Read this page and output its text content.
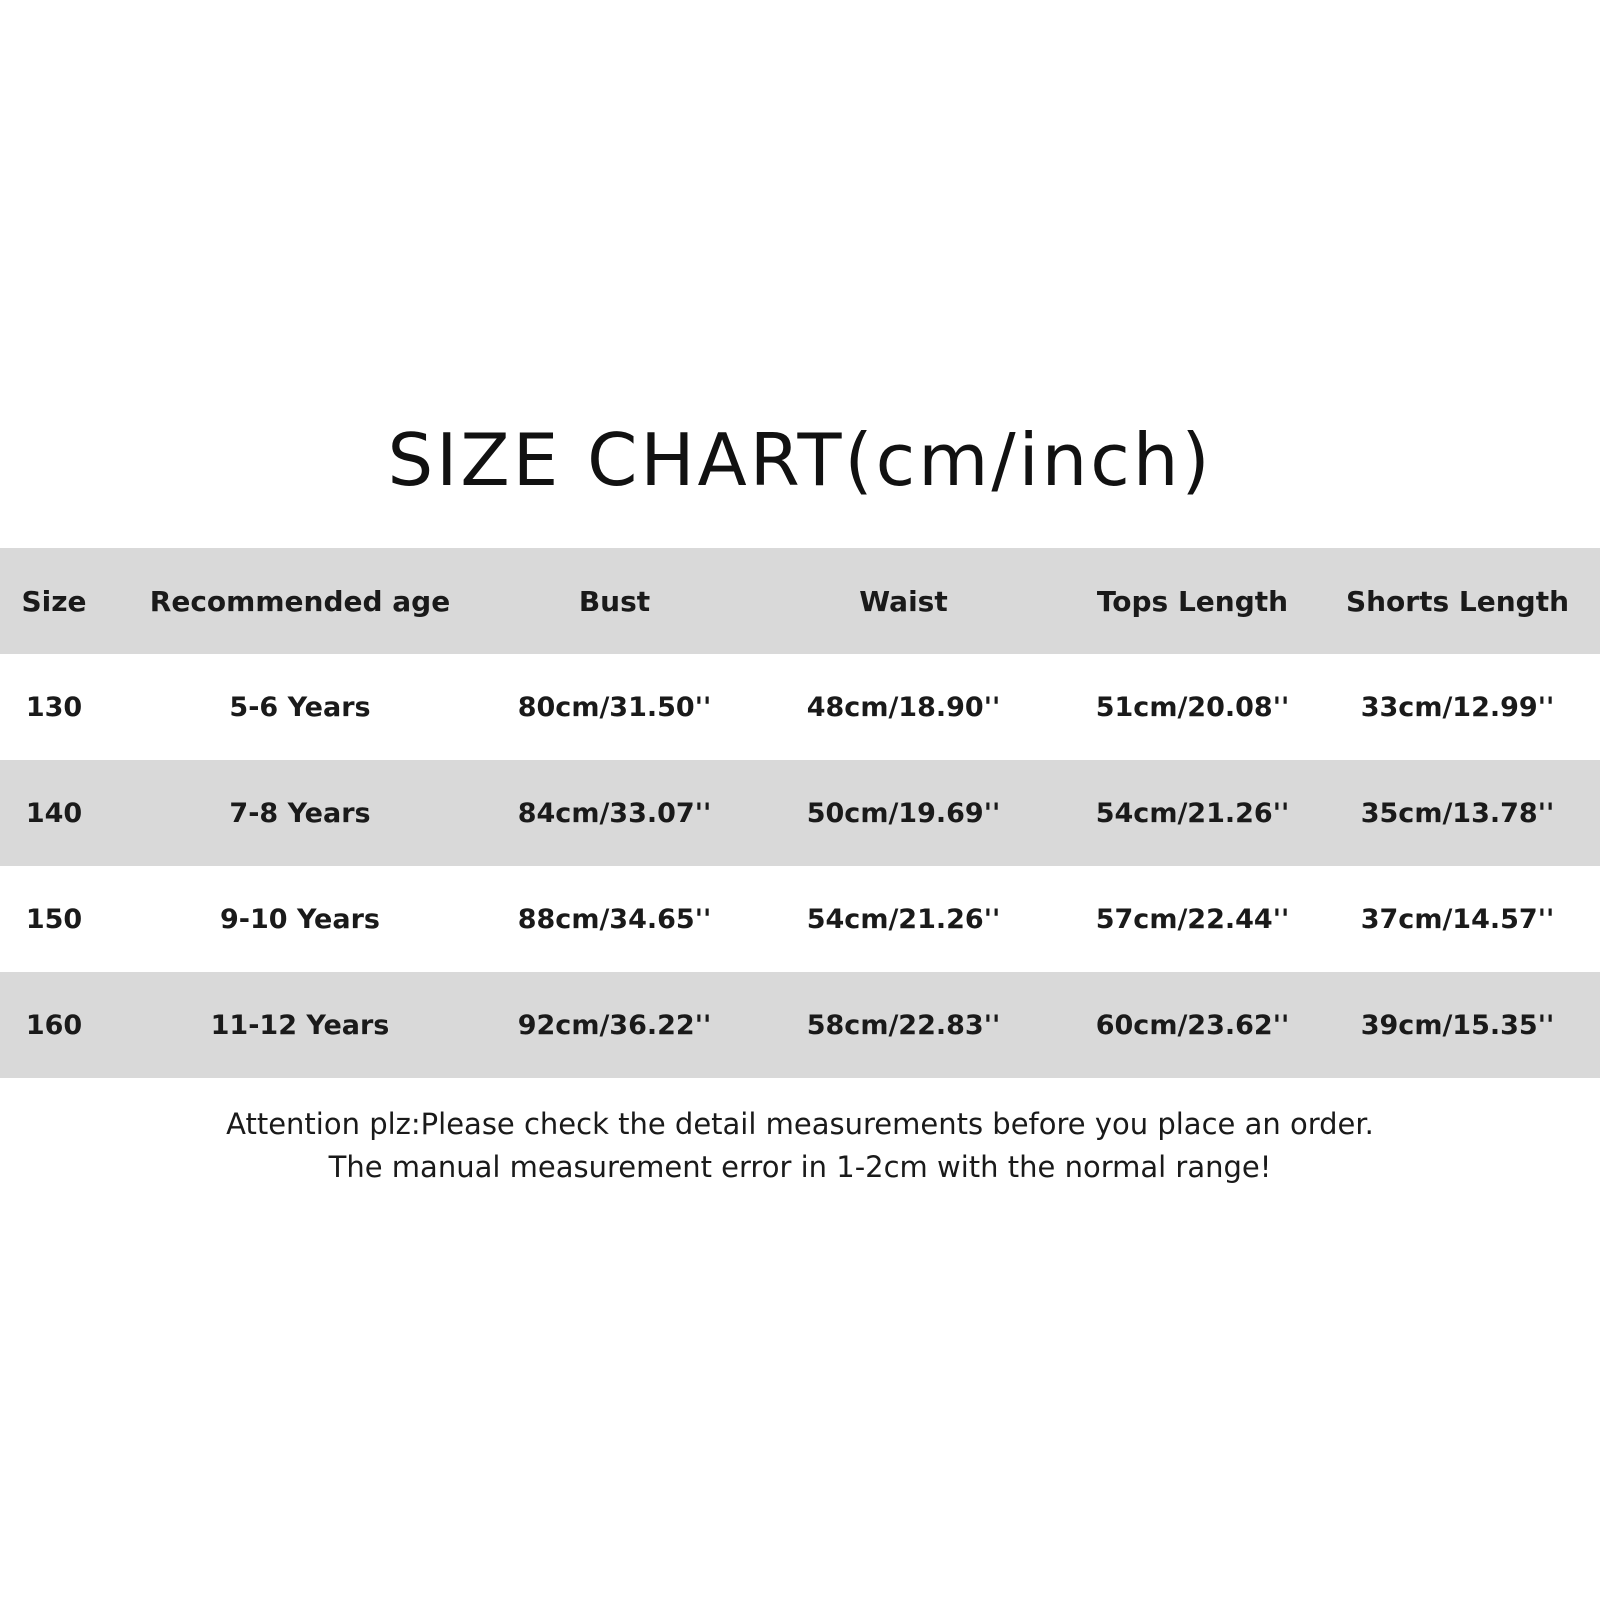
SIZE CHART(cm/inch)
Size	Recommended age	Bust	Waist	Tops Length	Shorts Length
130	5-6 Years	80cm/31.50''	48cm/18.90''	51cm/20.08''	33cm/12.99''
140	7-8 Years	84cm/33.07''	50cm/19.69''	54cm/21.26''	35cm/13.78''
150	9-10 Years	88cm/34.65''	54cm/21.26''	57cm/22.44''	37cm/14.57''
160	11-12 Years	92cm/36.22''	58cm/22.83''	60cm/23.62''	39cm/15.35''
Attention plz:Please check the detail measurements before you place an order.
The manual measurement error in 1-2cm with the normal range!
